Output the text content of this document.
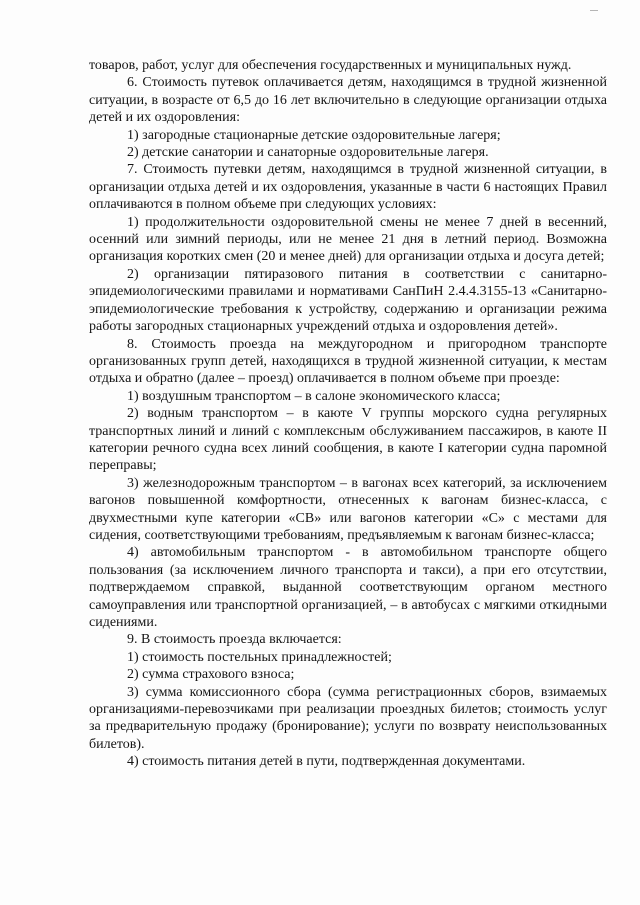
товаров, работ, услуг для обеспечения государственных и муниципальных нужд.

6. Стоимость путевок оплачивается детям, находящимся в трудной жизненной ситуации, в возрасте от 6,5 до 16 лет включительно в следующие организации отдыха детей и их оздоровления:

1) загородные стационарные детские оздоровительные лагеря;

2) детские санатории и санаторные оздоровительные лагеря.

7. Стоимость путевки детям, находящимся в трудной жизненной ситуации, в организации отдыха детей и их оздоровления, указанные в части 6 настоящих Правил оплачиваются в полном объеме при следующих условиях:

1) продолжительности оздоровительной смены не менее 7 дней в весенний, осенний или зимний периоды, или не менее 21 дня в летний период. Возможна организация коротких смен (20 и менее дней) для организации отдыха и досуга детей;

2) организации пятиразового питания в соответствии с санитарно-эпидемиологическими правилами и нормативами СанПиН 2.4.4.3155-13 «Санитарно-эпидемиологические требования к устройству, содержанию и организации режима работы загородных стационарных учреждений отдыха и оздоровления детей».

8. Стоимость проезда на междугородном и пригородном транспорте организованных групп детей, находящихся в трудной жизненной ситуации, к местам отдыха и обратно (далее – проезд) оплачивается в полном объеме при проезде:

1) воздушным транспортом – в салоне экономического класса;

2) водным транспортом – в каюте V группы морского судна регулярных транспортных линий и линий с комплексным обслуживанием пассажиров, в каюте II категории речного судна всех линий сообщения, в каюте I категории судна паромной переправы;

3) железнодорожным транспортом – в вагонах всех категорий, за исключением вагонов повышенной комфортности, отнесенных к вагонам бизнес-класса, с двухместными купе категории «СВ» или вагонов категории «С» с местами для сидения, соответствующими требованиям, предъявляемым к вагонам бизнес-класса;

4) автомобильным транспортом - в автомобильном транспорте общего пользования (за исключением личного транспорта и такси), а при его отсутствии, подтверждаемом справкой, выданной соответствующим органом местного самоуправления или транспортной организацией, – в автобусах с мягкими откидными сидениями.

9. В стоимость проезда включается:

1) стоимость постельных принадлежностей;

2) сумма страхового взноса;

3) сумма комиссионного сбора (сумма регистрационных сборов, взимаемых организациями-перевозчиками при реализации проездных билетов; стоимость услуг за предварительную продажу (бронирование); услуги по возврату неиспользованных билетов).

4) стоимость питания детей в пути, подтвержденная документами.
